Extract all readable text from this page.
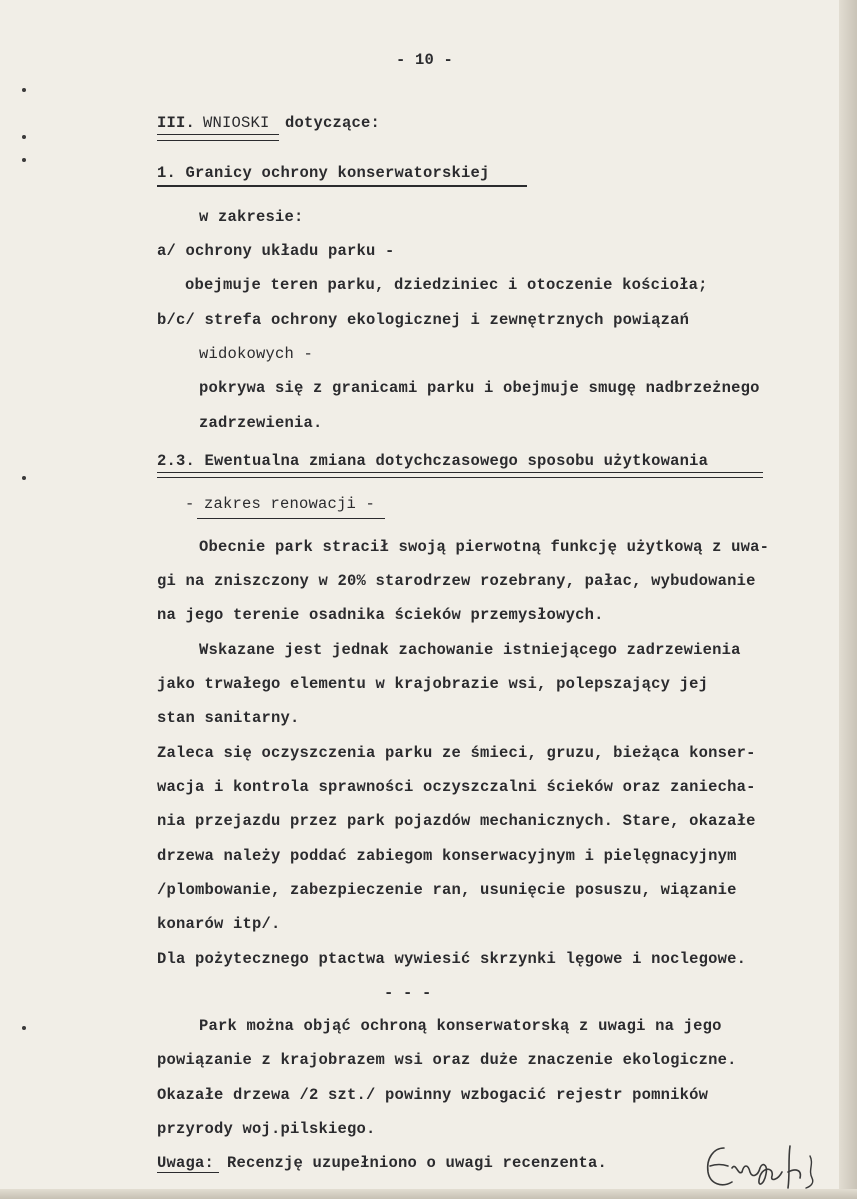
- 10 -
III. WNIOSKI dotyczące:
1. Granicy ochrony konserwatorskiej
w zakresie:
a/ ochrony układu parku -
obejmuje teren parku, dziedziniec i otoczenie kościoła;
b/c/ strefa ochrony ekologicznej i zewnętrznych powiązań
widokowych -
pokrywa się z granicami parku i obejmuje smugę nadbrzeżnego
zadrzewienia.
2.3. Ewentualna zmiana dotychczasowego sposobu użytkowania
- zakres renowacji -
Obecnie park stracił swoją pierwotną funkcję użytkową z uwa-
gi na zniszczony w 20% starodrzew rozebrany, pałac, wybudowanie
na jego terenie osadnika ścieków przemysłowych.
Wskazane jest jednak zachowanie istniejącego zadrzewienia
jako trwałego elementu w krajobrazie wsi, polepszający jej
stan sanitarny.
Zaleca się oczyszczenia parku ze śmieci, gruzu, bieżąca konser-
wacja i kontrola sprawności oczyszczalni ścieków oraz zaniecha-
nia przejazdu przez park pojazdów mechanicznych. Stare, okazałe
drzewa należy poddać zabiegom konserwacyjnym i pielęgnacyjnym
/plombowanie, zabezpieczenie ran, usunięcie posuszu, wiązanie
konarów itp/.
Dla pożytecznego ptactwa wywiesić skrzynki lęgowe i noclegowe.
- - -
Park można objąć ochroną konserwatorską z uwagi na jego
powiązanie z krajobrazem wsi oraz duże znaczenie ekologiczne.
Okazałe drzewa /2 szt./ powinny wzbogacić rejestr pomników
przyrody woj.pilskiego.
Uwaga: Recenzję uzupełniono o uwagi recenzenta.
